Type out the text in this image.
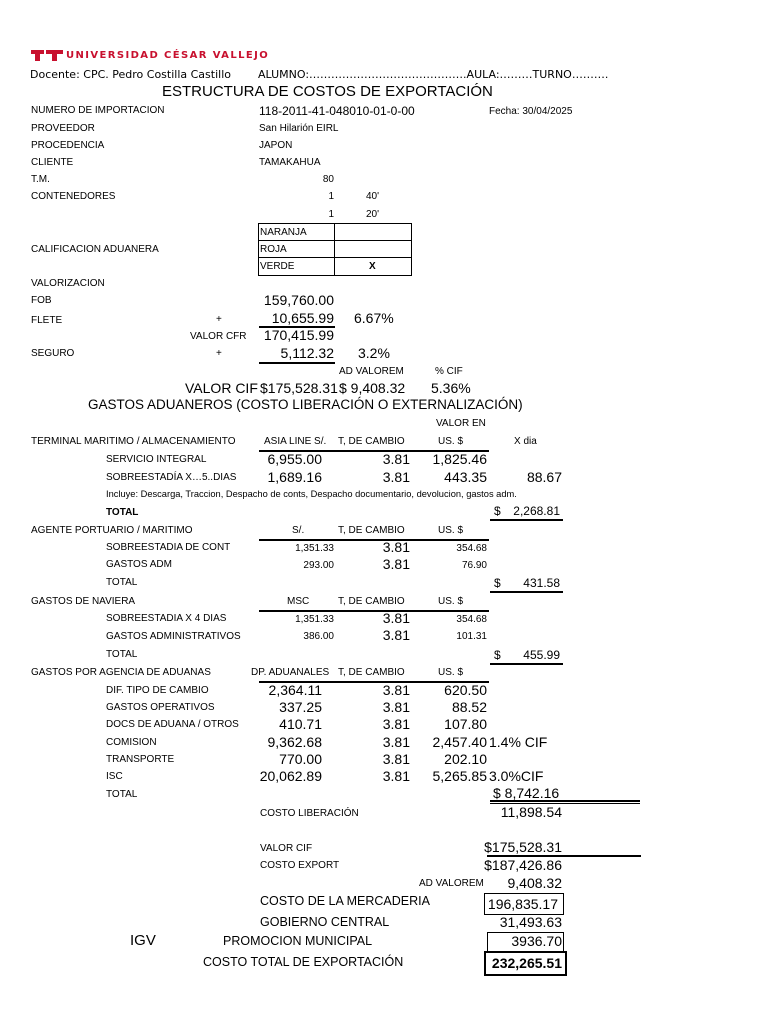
UNIVERSIDAD CÉSAR VALLEJO
Docente: CPC. Pedro Costilla Castillo ALUMNO:…………………………………….AULA:………TURNO……….
ESTRUCTURA DE COSTOS DE EXPORTACIÓN
NUMERO DE IMPORTACION	118-2011-41-048010-01-0-00	Fecha: 30/04/2025
PROVEEDOR	San Hilarión EIRL
PROCEDENCIA	JAPON
CLIENTE	TAMAKAHUA
T.M.	80
CONTENEDORES	1	40'
1	20'
NARANJA
ROJA
VERDE	X
CALIFICACION ADUANERA
VALORIZACION
FOB	159,760.00
FLETE	+	10,655.99 6.67%
VALOR CFR	170,415.99
SEGURO	+	5,112.32 3.2%
AD VALOREM	% CIF
VALOR CIF $175,528.31 $ 9,408.32 5.36%
GASTOS ADUANEROS (COSTO LIBERACIÓN O EXTERNALIZACIÓN)
VALOR EN
TERMINAL MARITIMO / ALMACENAMIENTO	ASIA LINE S/. T, DE CAMBIO	US. $	X dia
SERVICIO INTEGRAL	6,955.00	3.81	1,825.46
SOBREESTADÍA X…5..DIAS	1,689.16	3.81	443.35	88.67
Incluye: Descarga, Traccion, Despacho de conts, Despacho documentario, devolucion, gastos adm.
TOTAL	$	2,268.81
AGENTE PORTUARIO / MARITIMO	S/.	T, DE CAMBIO	US. $
SOBREESTADIA DE CONT	1,351.33	3.81	354.68
GASTOS ADM	293.00	3.81	76.90
TOTAL	$	431.58
GASTOS DE NAVIERA	MSC	T, DE CAMBIO	US. $
SOBREESTADIA X 4 DIAS	1,351.33	3.81	354.68
GASTOS ADMINISTRATIVOS	386.00	3.81	101.31
TOTAL	$	455.99
GASTOS POR AGENCIA DE ADUANAS	DP. ADUANALES T, DE CAMBIO	US. $
DIF. TIPO DE CAMBIO	2,364.11	3.81	620.50
GASTOS OPERATIVOS	337.25	3.81	88.52
DOCS DE ADUANA / OTROS	410.71	3.81	107.80
COMISION	9,362.68	3.81	2,457.40 1.4% CIF
TRANSPORTE	770.00	3.81	202.10
ISC	20,062.89	3.81	5,265.85 3.0%CIF
TOTAL	$ 8,742.16
COSTO LIBERACIÓN	11,898.54
VALOR CIF	$175,528.31
COSTO EXPORT	$187,426.86
AD VALOREM	9,408.32
COSTO DE LA MERCADERIA	196,835.17
GOBIERNO CENTRAL	31,493.63
IGV	PROMOCION MUNICIPAL	3936.70
COSTO TOTAL DE EXPORTACIÓN	232,265.51
